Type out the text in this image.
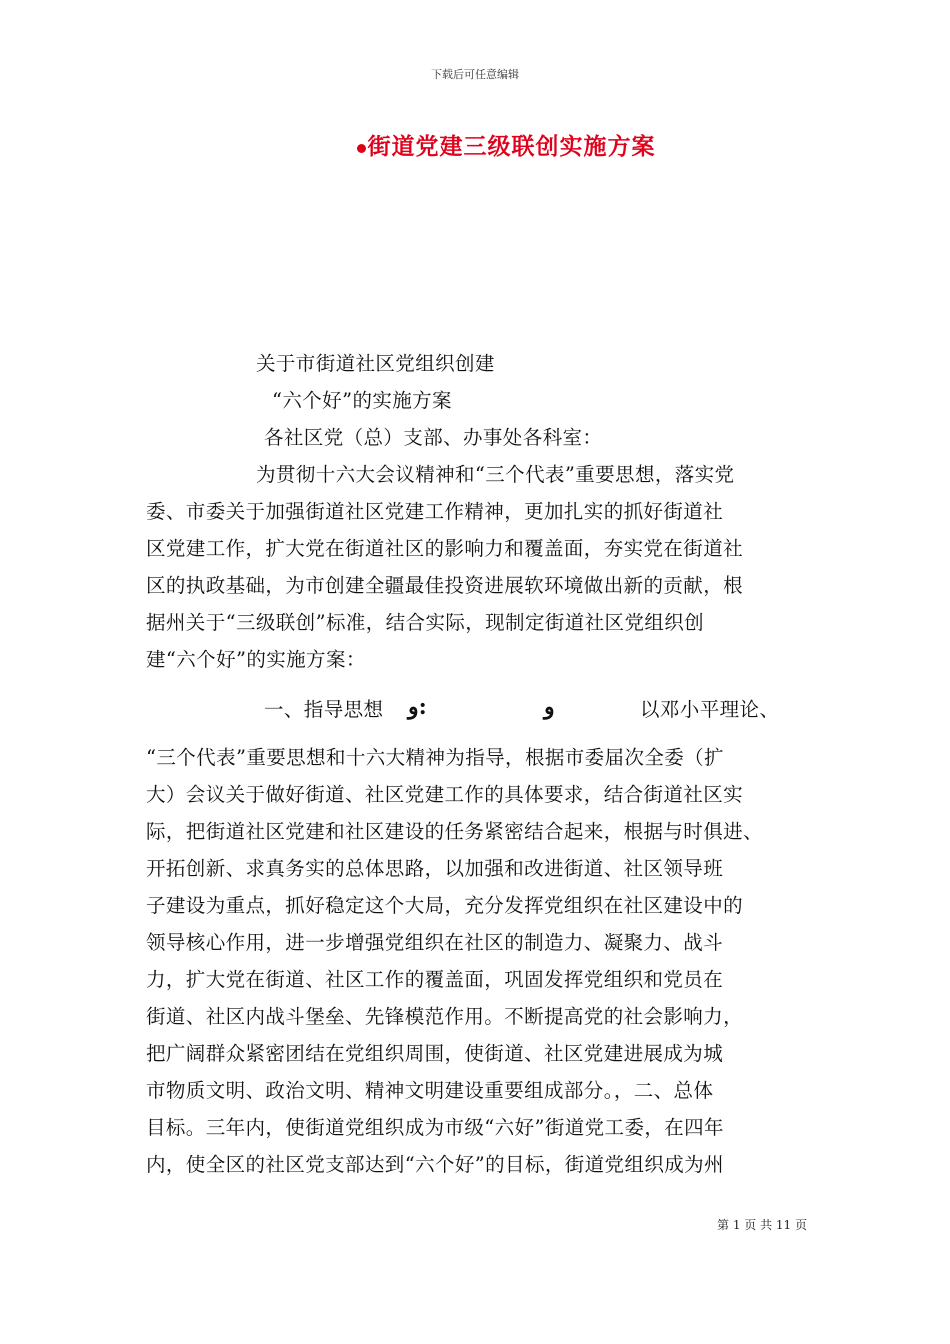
下载后可任意编辑
街道党建三级联创实施方案
关于市街道社区党组织创建
“六个好”的实施方案
各社区党（总）支部、办事处各科室：
为贯彻十六大会议精神和“三个代表”重要思想，落实党
委、市委关于加强街道社区党建工作精神，更加扎实的抓好街道社
区党建工作，扩大党在街道社区的影响力和覆盖面，夯实党在街道社
区的执政基础，为市创建全疆最佳投资进展软环境做出新的贡献，根
据州关于“三级联创”标准，结合实际，现制定街道社区党组织创
建“六个好”的实施方案：
一、指导思想	و:	و	以邓小平理论、
“三个代表”重要思想和十六大精神为指导，根据市委届次全委（扩
大）会议关于做好街道、社区党建工作的具体要求，结合街道社区实
际，把街道社区党建和社区建设的任务紧密结合起来，根据与时俱进、
开拓创新、求真务实的总体思路，以加强和改进街道、社区领导班
子建设为重点，抓好稳定这个大局，充分发挥党组织在社区建设中的
领导核心作用，进一步增强党组织在社区的制造力、凝聚力、战斗
力，扩大党在街道、社区工作的覆盖面，巩固发挥党组织和党员在
街道、社区内战斗堡垒、先锋模范作用。不断提高党的社会影响力，
把广阔群众紧密团结在党组织周围，使街道、社区党建进展成为城
市物质文明、政治文明、精神文明建设重要组成部分。，二、总体
目标。三年内，使街道党组织成为市级“六好”街道党工委，在四年
内，使全区的社区党支部达到“六个好”的目标，街道党组织成为州
第 1 页 共 11 页
